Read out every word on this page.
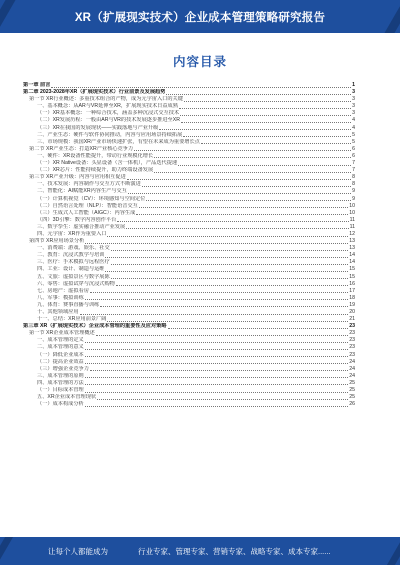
XR（扩展现实技术）企业成本管理策略研究报告
内容目录
第一章 前言	1
第二章 2023-2028年XR（扩展现实技术）行业前景及发展趋势	3
第一节 XR行业概述：多重技术组合的产物，成为元宇宙入口的关键	3
一、基本概念：从AR与VR延伸至XR，扩展现实技术日益成熟	3
（一）XR基本概念：一种综合技术，涵盖多种沉浸式交互技术	3
（二）XR发展历程：一般由AR与VR的技术发展逐步推进至XR	4
（三）XR在我国的发展现状——实践落地与产业升级	4
二、产业生态：硬件与软件协同推动，内容与应用场景持续拓展	5
三、市场规模：我国XR产业市场快速扩张，有望在未来成为重要增长点	5
第二节 XR产业生态：打造XR产业核心竞争力	6
一、硬件：XR设备性能提升，带动行业规模化增长	6
（一）XR Native设备：头显设备（含一体机），产品迭代提速	7
（二）XR芯片：性能持续提升，助力终端设备发展	7
第三节 XR产业升级：内容与应用相互促进	8
一、技术发展：内容制作与交互方式不断演进	8
二、智能化：AI赋能XR内容生产与交互	9
（一）计算机视觉（CV）：环境感知与空间定位	9
（二）自然语言处理（NLP）：智能语音交互	10
（三）生成式人工智能（AIGC）：内容生成	10
（四）3D引擎：数字内容创作平台	11
三、数字孪生：虚实融合推动产业发展	11
四、元宇宙：XR作为重要入口	12
第四节 XR应用场景分析	13
一、消费端：游戏、娱乐、社交	13
二、教育：沉浸式教学与培训	14
三、医疗：手术模拟与远程医疗	14
四、工业：设计、制造与运维	15
五、文旅：虚拟景区与数字展陈	15
六、零售：虚拟试穿与沉浸式购物	16
七、房地产：虚拟看房	17
八、军事：模拟训练	18
九、体育：赛事直播与训练	19
十、其他领域应用	20
十一、总结：XR应用前景广阔	21
第三章 XR（扩展现实技术）企业成本管理的重要性及应对策略	23
第一节 XR企业成本管理概述	23
一、成本管理的定义	23
二、成本管理的意义	23
（一）降低企业成本	23
（二）提高企业效益	24
（三）增强企业竞争力	24
三、成本管理的原则	24
四、成本管理的方法	25
（一）目标成本管理	25
五、XR企业成本管理现状	25
（一）成本构成分析	26
让每个人都能成为	行业专家、管理专家、营销专家、战略专家、成本专家......
